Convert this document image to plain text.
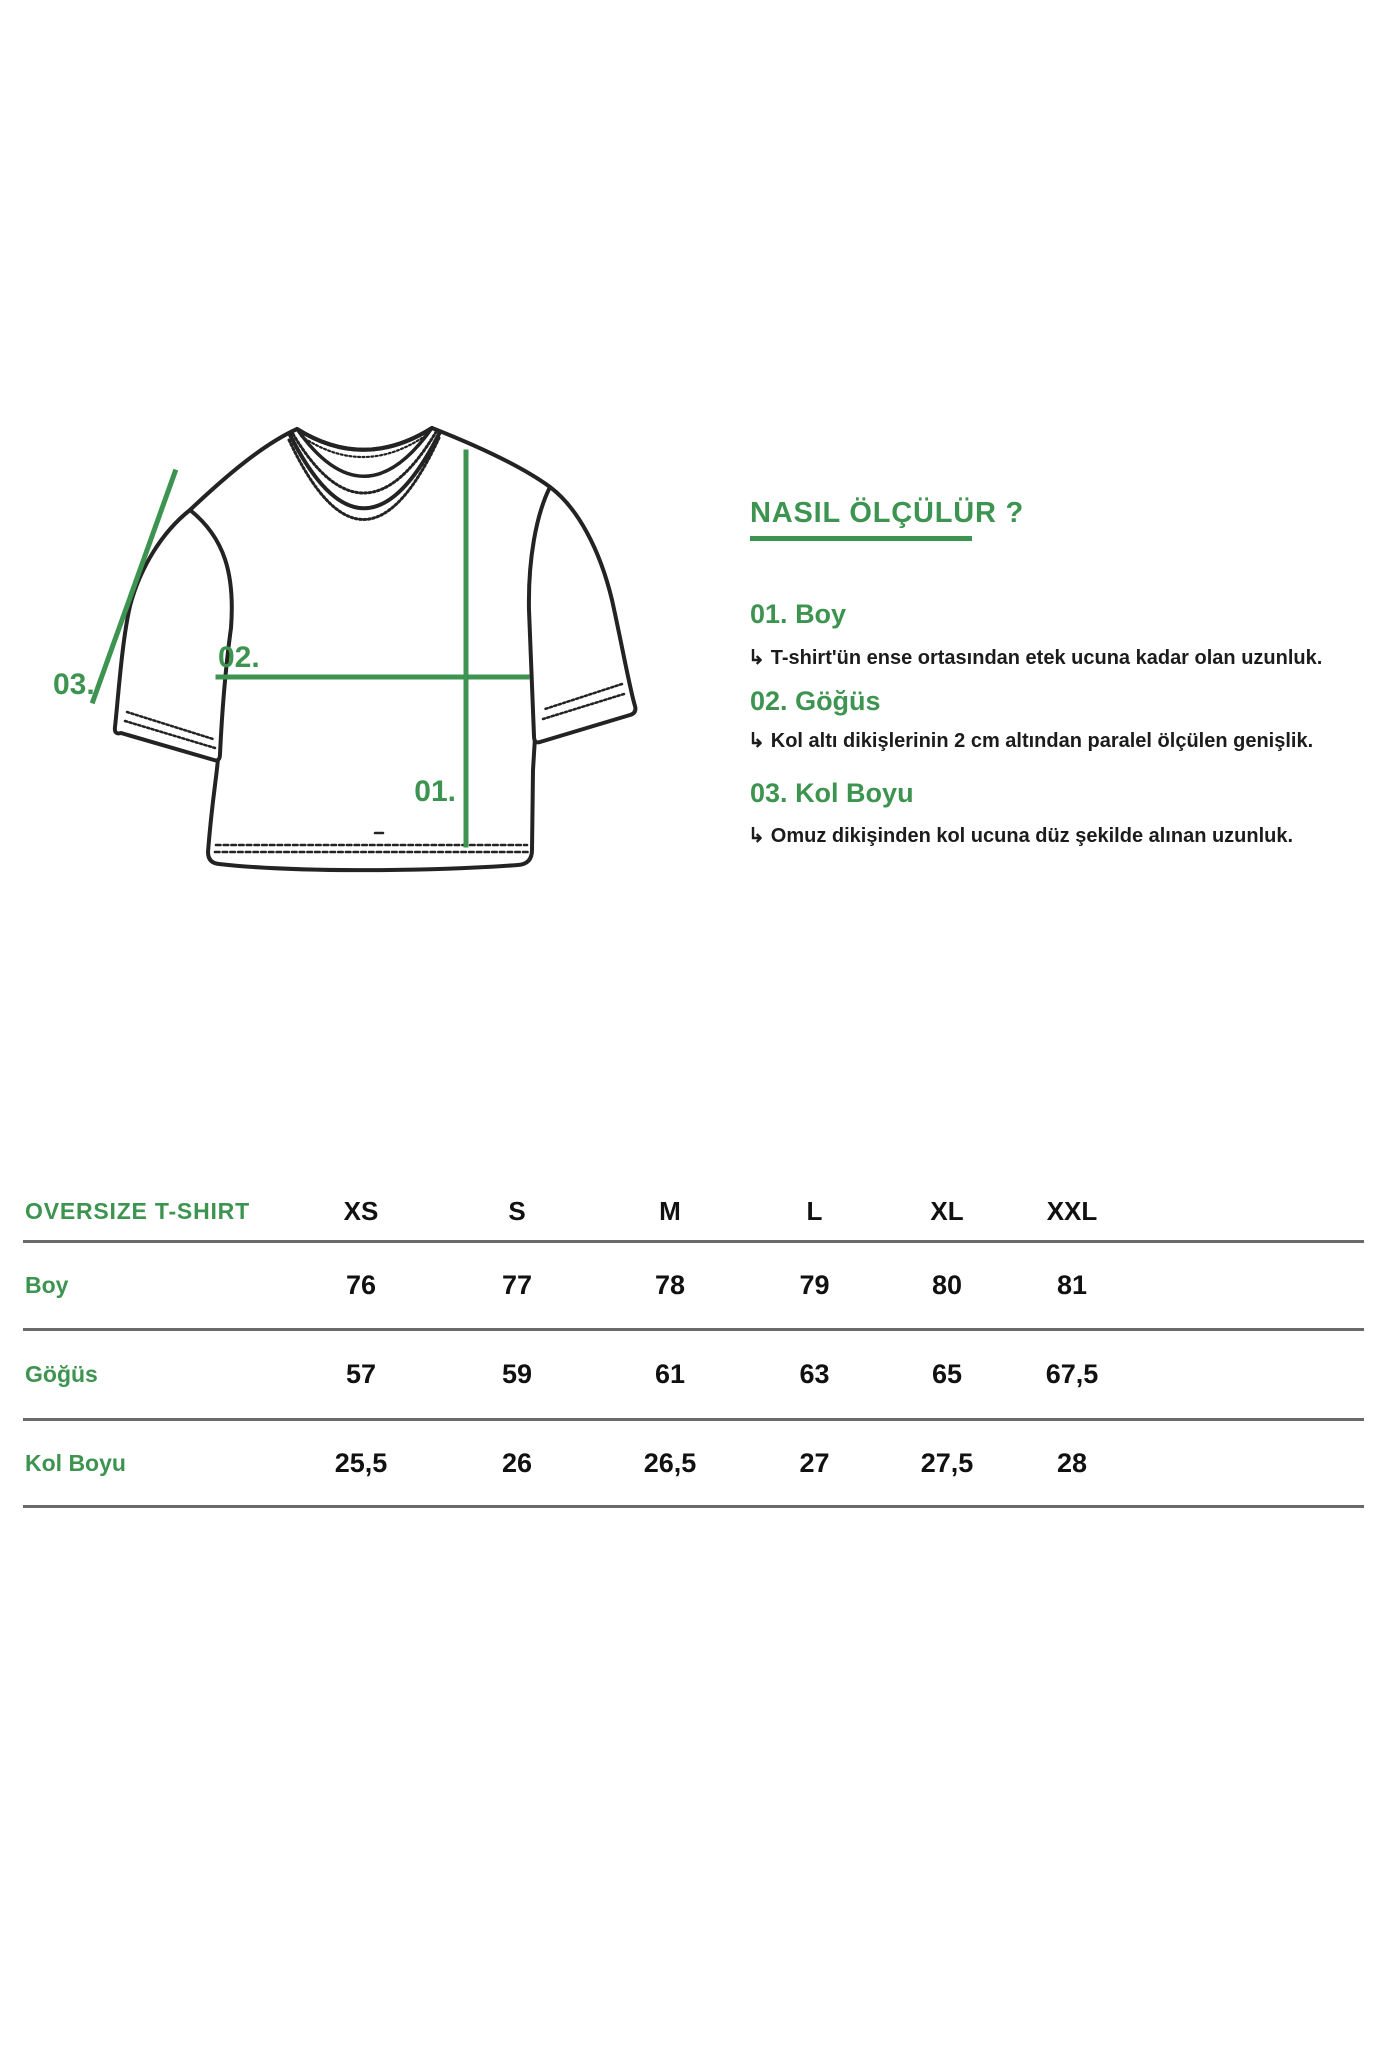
03.
02.
01.
NASIL ÖLÇÜLÜR ?
01. Boy
↳ T-shirt'ün ense ortasından etek ucuna kadar olan uzunluk.
02. Göğüs
↳ Kol altı dikişlerinin 2 cm altından paralel ölçülen genişlik.
03. Kol Boyu
↳ Omuz dikişinden kol ucuna düz şekilde alınan uzunluk.
OVERSIZE T-SHIRT	XS	S	M	L	XL	XXL
Boy	76	77	78	79	80	81
Göğüs	57	59	61	63	65	67,5
Kol Boyu	25,5	26	26,5	27	27,5	28
